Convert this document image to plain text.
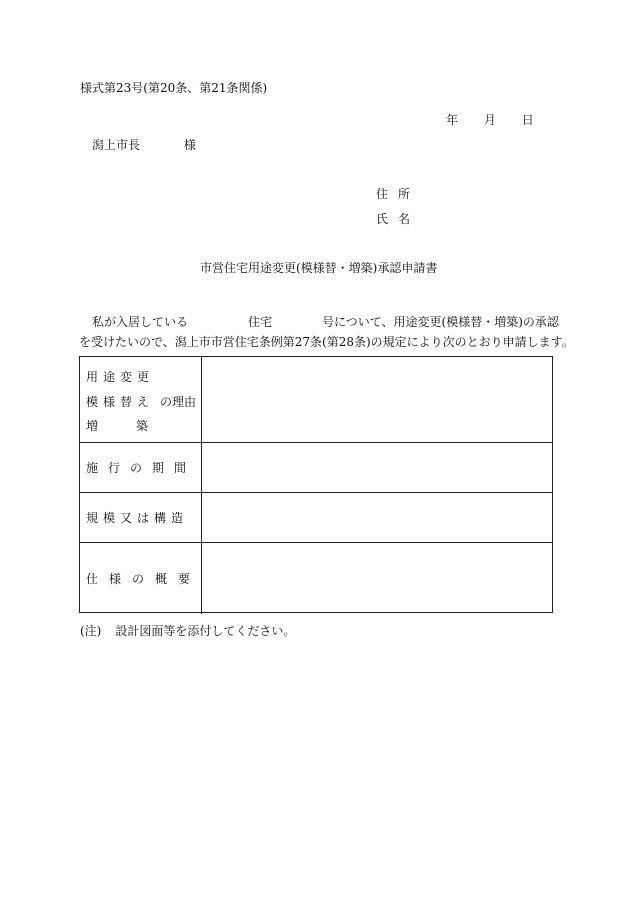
様式第23号(第20条、第21条関係)
年 月 日
潟上市長	様
住所
氏名
市営住宅用途変更(模様替・増築)承認申請書
私が入居している	住宅	号について、用途変更(模様替・増築)の承認
を受けたいので、潟上市市営住宅条例第27条(第28条)の規定により次のとおり申請します。
用途変更
模様替え の理由
増	築
施行の期間
規模又は構造
仕様の概要
(注) 設計図面等を添付してください。
